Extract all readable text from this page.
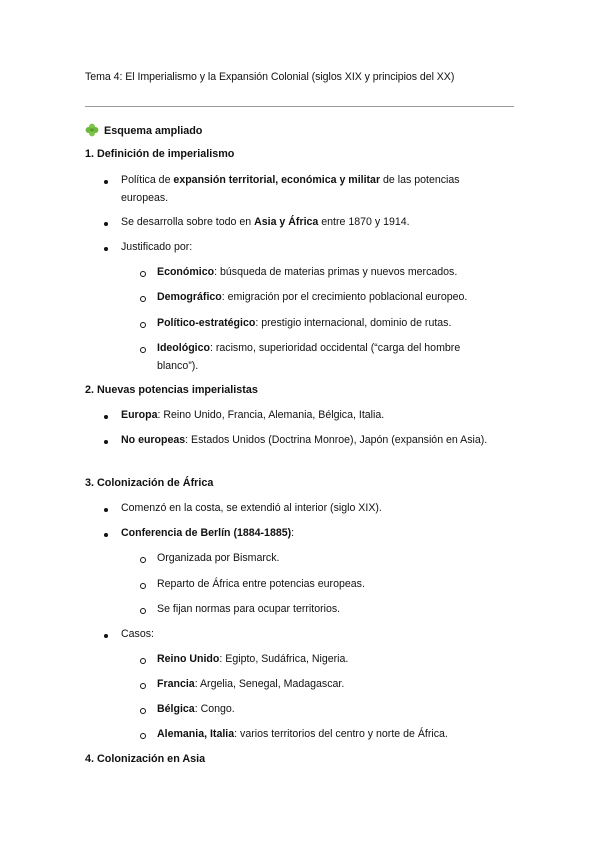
Tema 4: El Imperialismo y la Expansión Colonial (siglos XIX y principios del XX)
Esquema ampliado
1. Definición de imperialismo
Política de expansión territorial, económica y militar de las potencias europeas.
Se desarrolla sobre todo en Asia y África entre 1870 y 1914.
Justificado por:
Económico: búsqueda de materias primas y nuevos mercados.
Demográfico: emigración por el crecimiento poblacional europeo.
Político-estratégico: prestigio internacional, dominio de rutas.
Ideológico: racismo, superioridad occidental (“carga del hombre blanco”).
2. Nuevas potencias imperialistas
Europa: Reino Unido, Francia, Alemania, Bélgica, Italia.
No europeas: Estados Unidos (Doctrina Monroe), Japón (expansión en Asia).
3. Colonización de África
Comenzó en la costa, se extendió al interior (siglo XIX).
Conferencia de Berlín (1884-1885):
Organizada por Bismarck.
Reparto de África entre potencias europeas.
Se fijan normas para ocupar territorios.
Casos:
Reino Unido: Egipto, Sudáfrica, Nigeria.
Francia: Argelia, Senegal, Madagascar.
Bélgica: Congo.
Alemania, Italia: varios territorios del centro y norte de África.
4. Colonización en Asia
